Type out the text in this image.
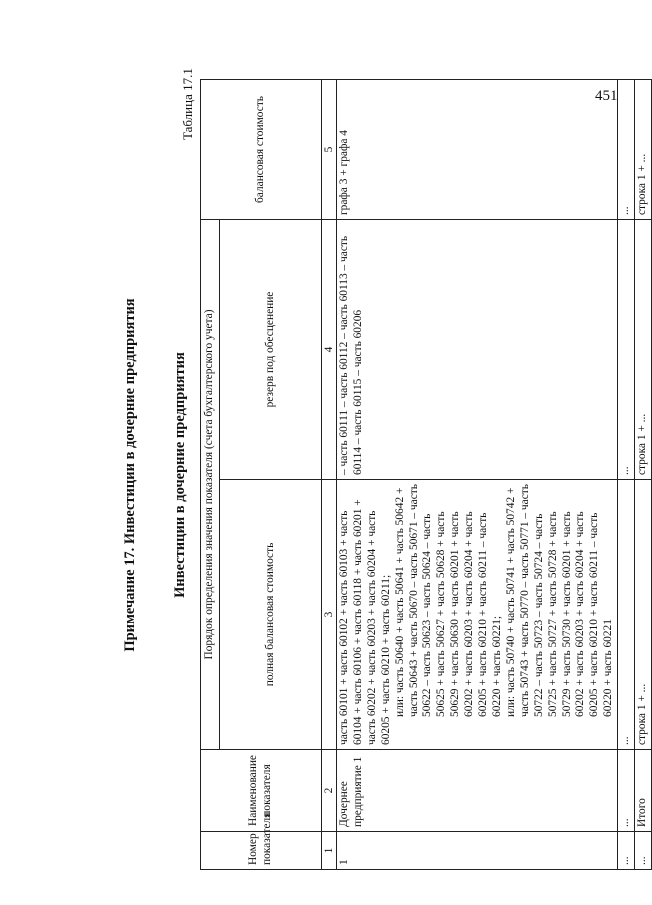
451
Примечание 17. Инвестиции в дочерние предприятия Инвестиции в дочерние предприятия
Таблица 17.1
Номер показателя	Наименование показателя	Порядок определения значения показателя (счета бухгалтерского учета)		балансовая стоимость
		полная балансовая стоимость	резерв под обесценение	
1	2	3	4	5
1	Дочернее предприятие 1	часть 60101 + часть 60102 + часть 60103 + часть 60104 + часть 60106 + часть 60118 + часть 60201 + часть 60202 + часть 60203 + часть 60204 + часть 60205 + часть 60210 + часть 60211; или: часть 50640 + часть 50641 + часть 50642 + часть 50643 + часть 50670 – часть 50671 – часть 50622 – часть 50623 – часть 50624 – часть 50625 + часть 50627 + часть 50628 + часть 50629 + часть 50630 + часть 60201 + часть 60202 + часть 60203 + часть 60204 + часть 60205 + часть 60210 + часть 60211 – часть 60220 + часть 60221; или: часть 50740 + часть 50741 + часть 50742 + часть 50743 + часть 50770 – часть 50771 – часть 50722 – часть 50723 – часть 50724 – часть 50725 + часть 50727 + часть 50728 + часть 50729 + часть 50730 + часть 60201 + часть 60202 + часть 60203 + часть 60204 + часть 60205 + часть 60210 + часть 60211 – часть 60220 + часть 60221	– часть 60111 – часть 60112 – часть 60113 – часть 60114 – часть 60115 – часть 60206	графа 3 + графа 4
...	...	...	...	...
...	Итого	строка 1 + ...	строка 1 + ...	строка 1 + ...
